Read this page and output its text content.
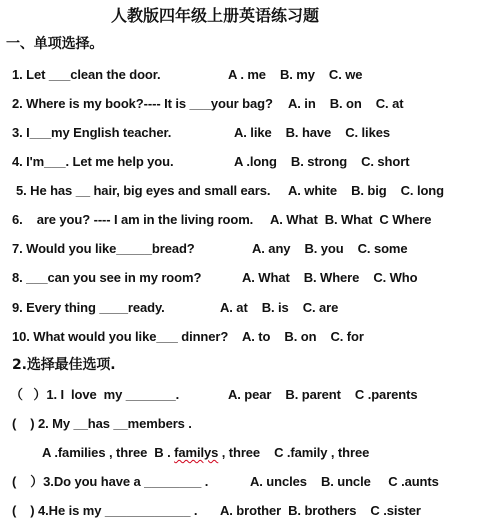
人教版四年级上册英语练习题
一、单项选择。
1. Let ___clean the door.	A . me    B. my    C. we
2. Where is my book?---- It is ___your bag? A. in    B. on    C. at
3. I___my English teacher.	A. like    B. have    C. likes
4. I'm___. Let me help you.	A .long    B. strong    C. short
5. He has __ hair, big eyes and small ears. A. white    B. big    C. long
6.    are you? ---- I am in the living room. A. What  B. What  C Where
7. Would you like_____bread?	A. any    B. you    C. some
8. ___can you see in my room?	A. What    B. Where    C. Who
9. Every thing ____ready.	A. at    B. is    C. are
10. What would you like___ dinner? A. to    B. on    C. for
2.选择最佳选项.
（   ）1. I  love  my _______.	A. pear    B. parent    C .parents
(    ) 2. My __has __members .
A .families , three  B . familys , three    C .family , three
(    ）3.Do you have a ________ .	A. uncles    B. uncle     C .aunts
(    ) 4.He is my ____________ . A. brother  B. brothers    C .sister
